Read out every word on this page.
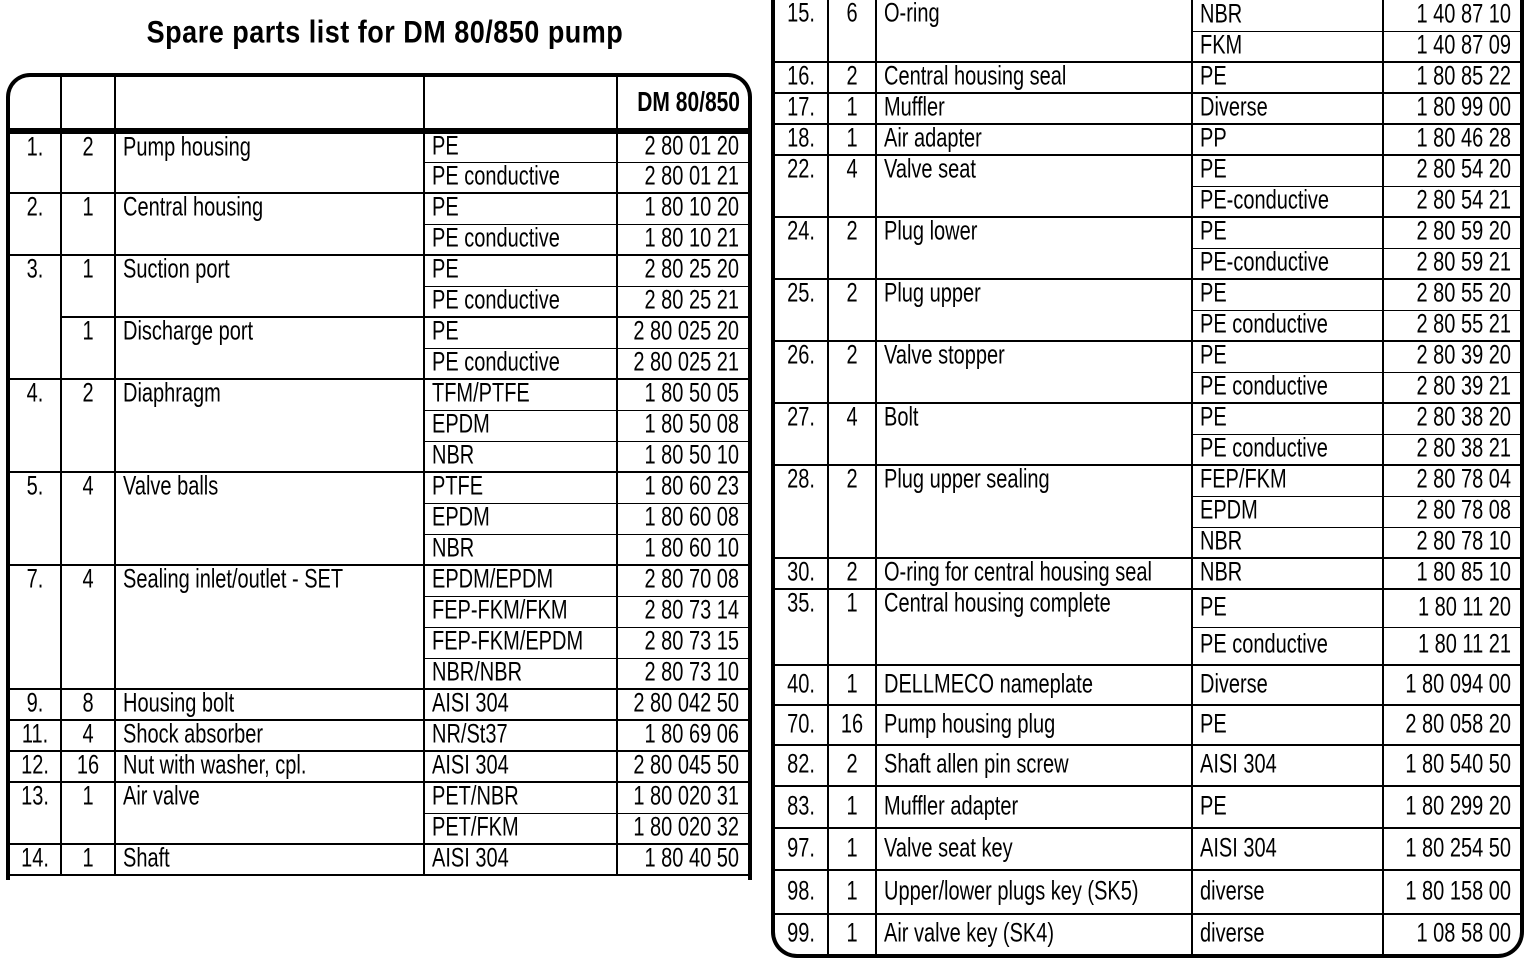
Spare parts list for DM 80/850 pump
				DM 80/850
1.	2	Pump housing	PE	2 80 01 20
			PE conductive	2 80 01 21
2.	1	Central housing	PE	1 80 10 20
			PE conductive	1 80 10 21
3.	1	Suction port	PE	2 80 25 20
			PE conductive	2 80 25 21
	1	Discharge port	PE	2 80 025 20
			PE conductive	2 80 025 21
4.	2	Diaphragm	TFM/PTFE	1 80 50 05
			EPDM	1 80 50 08
			NBR	1 80 50 10
5.	4	Valve balls	PTFE	1 80 60 23
			EPDM	1 80 60 08
			NBR	1 80 60 10
7.	4	Sealing inlet/outlet - SET	EPDM/EPDM	2 80 70 08
			FEP-FKM/FKM	2 80 73 14
			FEP-FKM/EPDM	2 80 73 15
			NBR/NBR	2 80 73 10
9.	8	Housing bolt	AISI 304	2 80 042 50
11.	4	Shock absorber	NR/St37	1 80 69 06
12.	16	Nut with washer, cpl.	AISI 304	2 80 045 50
13.	1	Air valve	PET/NBR	1 80 020 31
			PET/FKM	1 80 020 32
14.	1	Shaft	AISI 304	1 80 40 50
15.	6	O-ring	NBR	1 40 87 10
			FKM	1 40 87 09
16.	2	Central housing seal	PE	1 80 85 22
17.	1	Muffler	Diverse	1 80 99 00
18.	1	Air adapter	PP	1 80 46 28
22.	4	Valve seat	PE	2 80 54 20
			PE-conductive	2 80 54 21
24.	2	Plug lower	PE	2 80 59 20
			PE-conductive	2 80 59 21
25.	2	Plug upper	PE	2 80 55 20
			PE conductive	2 80 55 21
26.	2	Valve stopper	PE	2 80 39 20
			PE conductive	2 80 39 21
27.	4	Bolt	PE	2 80 38 20
			PE conductive	2 80 38 21
28.	2	Plug upper sealing	FEP/FKM	2 80 78 04
			EPDM	2 80 78 08
			NBR	2 80 78 10
30.	2	O-ring for central housing seal	NBR	1 80 85 10
35.	1	Central housing complete	PE	1 80 11 20
			PE conductive	1 80 11 21
40.	1	DELLMECO nameplate	Diverse	1 80 094 00
70.	16	Pump housing plug	PE	2 80 058 20
82.	2	Shaft allen pin screw	AISI 304	1 80 540 50
83.	1	Muffler adapter	PE	1 80 299 20
97.	1	Valve seat key	AISI 304	1 80 254 50
98.	1	Upper/lower plugs key (SK5)	diverse	1 80 158 00
99.	1	Air valve key (SK4)	diverse	1 08 58 00
